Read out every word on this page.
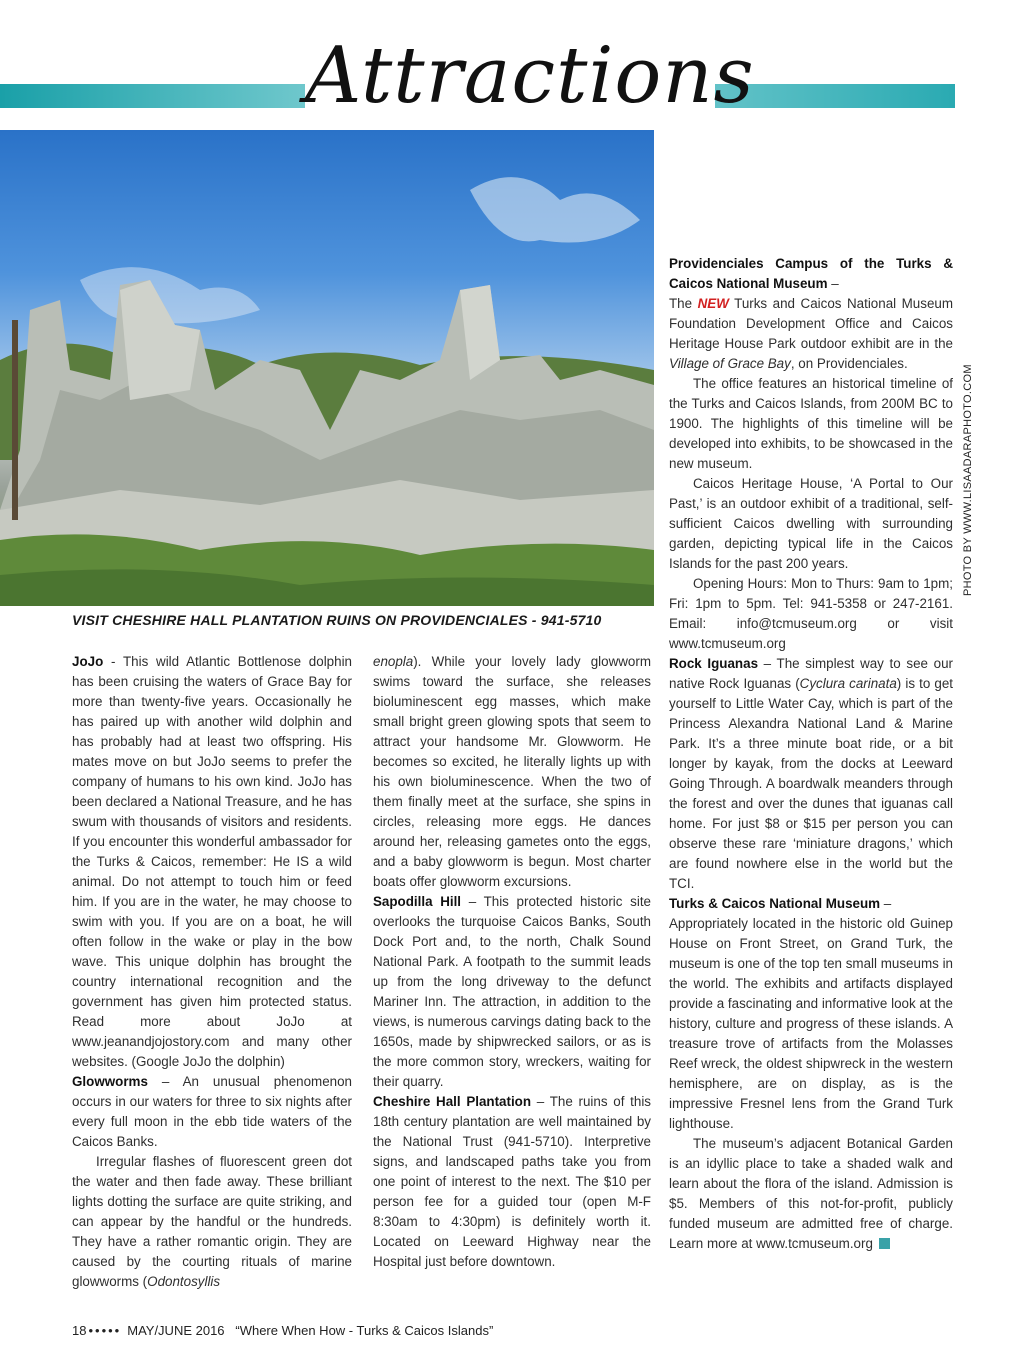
Attractions
PHOTO BY WWW.LISAADARAPHOTO.COM
VISIT CHESHIRE HALL PLANTATION RUINS ON PROVIDENCIALES - 941-5710

JoJo - This wild Atlantic Bottlenose dolphin has been cruising the waters of Grace Bay for more than twenty-five years. Occasionally he has paired up with another wild dolphin and has probably had at least two offspring. His mates move on but JoJo seems to prefer the company of humans to his own kind. JoJo has been declared a National Treasure, and he has swum with thousands of visitors and residents. If you encounter this wonderful ambassador for the Turks & Caicos, remember: He IS a wild animal. Do not attempt to touch him or feed him. If you are in the water, he may choose to swim with you. If you are on a boat, he will often follow in the wake or play in the bow wave. This unique dolphin has brought the country international recognition and the government has given him protected status. Read more about JoJo at www.jeanandjojostory.com and many other websites. (Google JoJo the dolphin)

Glowworms – An unusual phenomenon occurs in our waters for three to six nights after every full moon in the ebb tide waters of the Caicos Banks.

Irregular flashes of fluorescent green dot the water and then fade away. These brilliant lights dotting the surface are quite striking, and can appear by the handful or the hundreds. They have a rather romantic origin. They are caused by the courting rituals of marine glowworms (Odontosyllis

enopla). While your lovely lady glowworm swims toward the surface, she releases bioluminescent egg masses, which make small bright green glowing spots that seem to attract your handsome Mr. Glowworm. He becomes so excited, he literally lights up with his own bioluminescence. When the two of them finally meet at the surface, she spins in circles, releasing more eggs. He dances around her, releasing gametes onto the eggs, and a baby glowworm is begun. Most charter boats offer glowworm excursions.

Sapodilla Hill – This protected historic site overlooks the turquoise Caicos Banks, South Dock Port and, to the north, Chalk Sound National Park. A footpath to the summit leads up from the long driveway to the defunct Mariner Inn. The attraction, in addition to the views, is numerous carvings dating back to the 1650s, made by shipwrecked sailors, or as is the more common story, wreckers, waiting for their quarry.

Cheshire Hall Plantation – The ruins of this 18th century plantation are well maintained by the National Trust (941-5710). Interpretive signs, and landscaped paths take you from one point of interest to the next. The $10 per person fee for a guided tour (open M-F 8:30am to 4:30pm) is definitely worth it. Located on Leeward Highway near the Hospital just before downtown.

Providenciales Campus of the Turks & Caicos National Museum –

The NEW Turks and Caicos National Museum Foundation Development Office and Caicos Heritage House Park outdoor exhibit are in the Village of Grace Bay, on Providenciales.

The office features an historical timeline of the Turks and Caicos Islands, from 200M BC to 1900. The highlights of this timeline will be developed into exhibits, to be showcased in the new museum.

Caicos Heritage House, ‘A Portal to Our Past,’ is an outdoor exhibit of a traditional, self-sufficient Caicos dwelling with surrounding garden, depicting typical life in the Caicos Islands for the past 200 years.

Opening Hours: Mon to Thurs: 9am to 1pm; Fri: 1pm to 5pm. Tel: 941-5358 or 247-2161. Email: info@tcmuseum.org or visit www.tcmuseum.org

Rock Iguanas – The simplest way to see our native Rock Iguanas (Cyclura carinata) is to get yourself to Little Water Cay, which is part of the Princess Alexandra National Land & Marine Park. It’s a three minute boat ride, or a bit longer by kayak, from the docks at Leeward Going Through. A boardwalk meanders through the forest and over the dunes that iguanas call home. For just $8 or $15 per person you can observe these rare ‘miniature dragons,’ which are found nowhere else in the world but the TCI.

Turks & Caicos National Museum –

Appropriately located in the historic old Guinep House on Front Street, on Grand Turk, the museum is one of the top ten small museums in the world. The exhibits and artifacts displayed provide a fascinating and informative look at the history, culture and progress of these islands. A treasure trove of artifacts from the Molasses Reef wreck, the oldest shipwreck in the western hemisphere, are on display, as is the impressive Fresnel lens from the Grand Turk lighthouse.

The museum’s adjacent Botanical Garden is an idyllic place to take a shaded walk and learn about the flora of the island. Admission is $5. Members of this not-for-profit, publicly funded museum are admitted free of charge. Learn more at www.tcmuseum.org

18 ••••• MAY/JUNE 2016 “Where When How - Turks & Caicos Islands”
